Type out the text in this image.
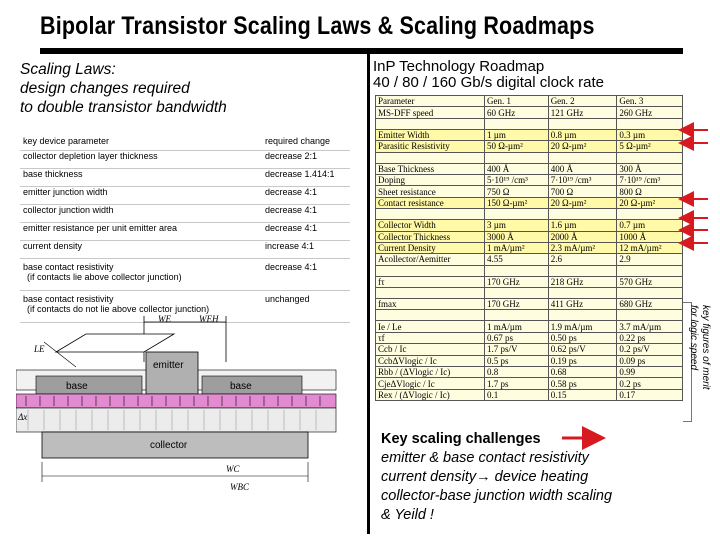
Bipolar Transistor Scaling Laws & Scaling Roadmaps
Scaling Laws:
design changes required
to double transistor bandwidth
InP Technology Roadmap
40 / 80 / 160 Gb/s digital clock rate
key device parameter	required change

collector depletion layer thickness	decrease 2:1

base thickness	decrease 1.414:1

emitter junction width	decrease 4:1

collector junction width	decrease 4:1

emitter resistance per unit emitter area	decrease 4:1

current density	increase 4:1

base contact resistivity
(if contacts lie above collector junction)	decrease 4:1

base contact resistivity
(if contacts do not lie above collector junction)	unchanged
Parameter	Gen. 1	Gen. 2	Gen. 3
MS-DFF speed	60 GHz	121 GHz	260 GHz

Emitter Width	1 µm	0.8 µm	0.3 µm
Parasitic Resistivity	50 Ω-µm²	20 Ω-µm²	5 Ω-µm²

Base Thickness	400 Å	400 Å	300 Å
Doping	5·10¹⁹ /cm³	7·10¹⁹ /cm³	7·10¹⁹ /cm³
Sheet resistance	750 Ω	700 Ω	800 Ω
Contact resistance	150 Ω-µm²	20 Ω-µm²	20 Ω-µm²

Collector Width	3 µm	1.6 µm	0.7 µm
Collector Thickness	3000 Å	2000 Å	1000 Å
Current Density	1 mA/µm²	2.3 mA/µm²	12 mA/µm²
Acollector/Aemitter	4.55	2.6	2.9

fτ	170 GHz	218 GHz	570 GHz

fmax	170 GHz	411 GHz	680 GHz

Ie / Le	1 mA/µm	1.9 mA/µm	3.7 mA/µm
τf	0.67 ps	0.50 ps	0.22 ps
Ccb / Ic	1.7 ps/V	0.62 ps/V	0.2 ps/V
CcbΔVlogic / Ic	0.5 ps	0.19 ps	0.09 ps
Rbb / (ΔVlogic / Ic)	0.8	0.68	0.99
CjeΔVlogic / Ic	1.7 ps	0.58 ps	0.2 ps
Rex / (ΔVlogic / Ic)	0.1	0.15	0.17
key figures of merit
for logic speed
WE	WEH
LE
emitter
base	base
collector
Δx
WC
WBC
Key scaling challenges
emitter & base contact resistivity
current density→ device heating
collector-base junction width scaling
& Yeild !
